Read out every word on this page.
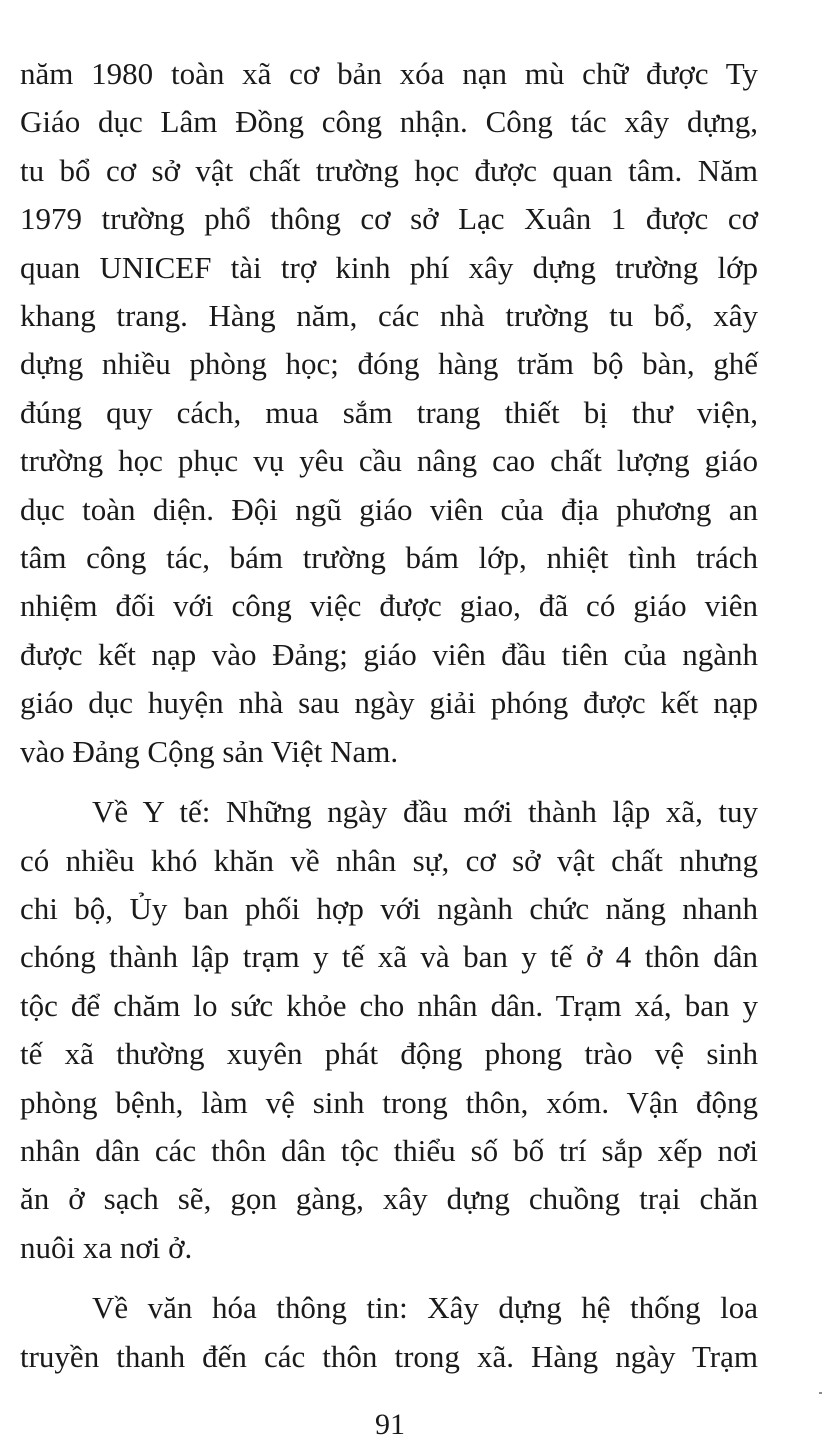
năm 1980 toàn xã cơ bản xóa nạn mù chữ được Ty
Giáo dục Lâm Đồng công nhận. Công tác xây dựng,
tu bổ cơ sở vật chất trường học được quan tâm. Năm
1979 trường phổ thông cơ sở Lạc Xuân 1 được cơ
quan UNICEF tài trợ kinh phí xây dựng trường lớp
khang trang. Hàng năm, các nhà trường tu bổ, xây
dựng nhiều phòng học; đóng hàng trăm bộ bàn, ghế
đúng quy cách, mua sắm trang thiết bị thư viện,
trường học phục vụ yêu cầu nâng cao chất lượng giáo
dục toàn diện. Đội ngũ giáo viên của địa phương an
tâm công tác, bám trường bám lớp, nhiệt tình trách
nhiệm đối với công việc được giao, đã có giáo viên
được kết nạp vào Đảng; giáo viên đầu tiên của ngành
giáo dục huyện nhà sau ngày giải phóng được kết nạp
vào Đảng Cộng sản Việt Nam.

Về Y tế: Những ngày đầu mới thành lập xã, tuy
có nhiều khó khăn về nhân sự, cơ sở vật chất nhưng
chi bộ, Ủy ban phối hợp với ngành chức năng nhanh
chóng thành lập trạm y tế xã và ban y tế ở 4 thôn dân
tộc để chăm lo sức khỏe cho nhân dân. Trạm xá, ban y
tế xã thường xuyên phát động phong trào vệ sinh
phòng bệnh, làm vệ sinh trong thôn, xóm. Vận động
nhân dân các thôn dân tộc thiểu số bố trí sắp xếp nơi
ăn ở sạch sẽ, gọn gàng, xây dựng chuồng trại chăn
nuôi xa nơi ở.

Về văn hóa thông tin: Xây dựng hệ thống loa
truyền thanh đến các thôn trong xã. Hàng ngày Trạm

91
